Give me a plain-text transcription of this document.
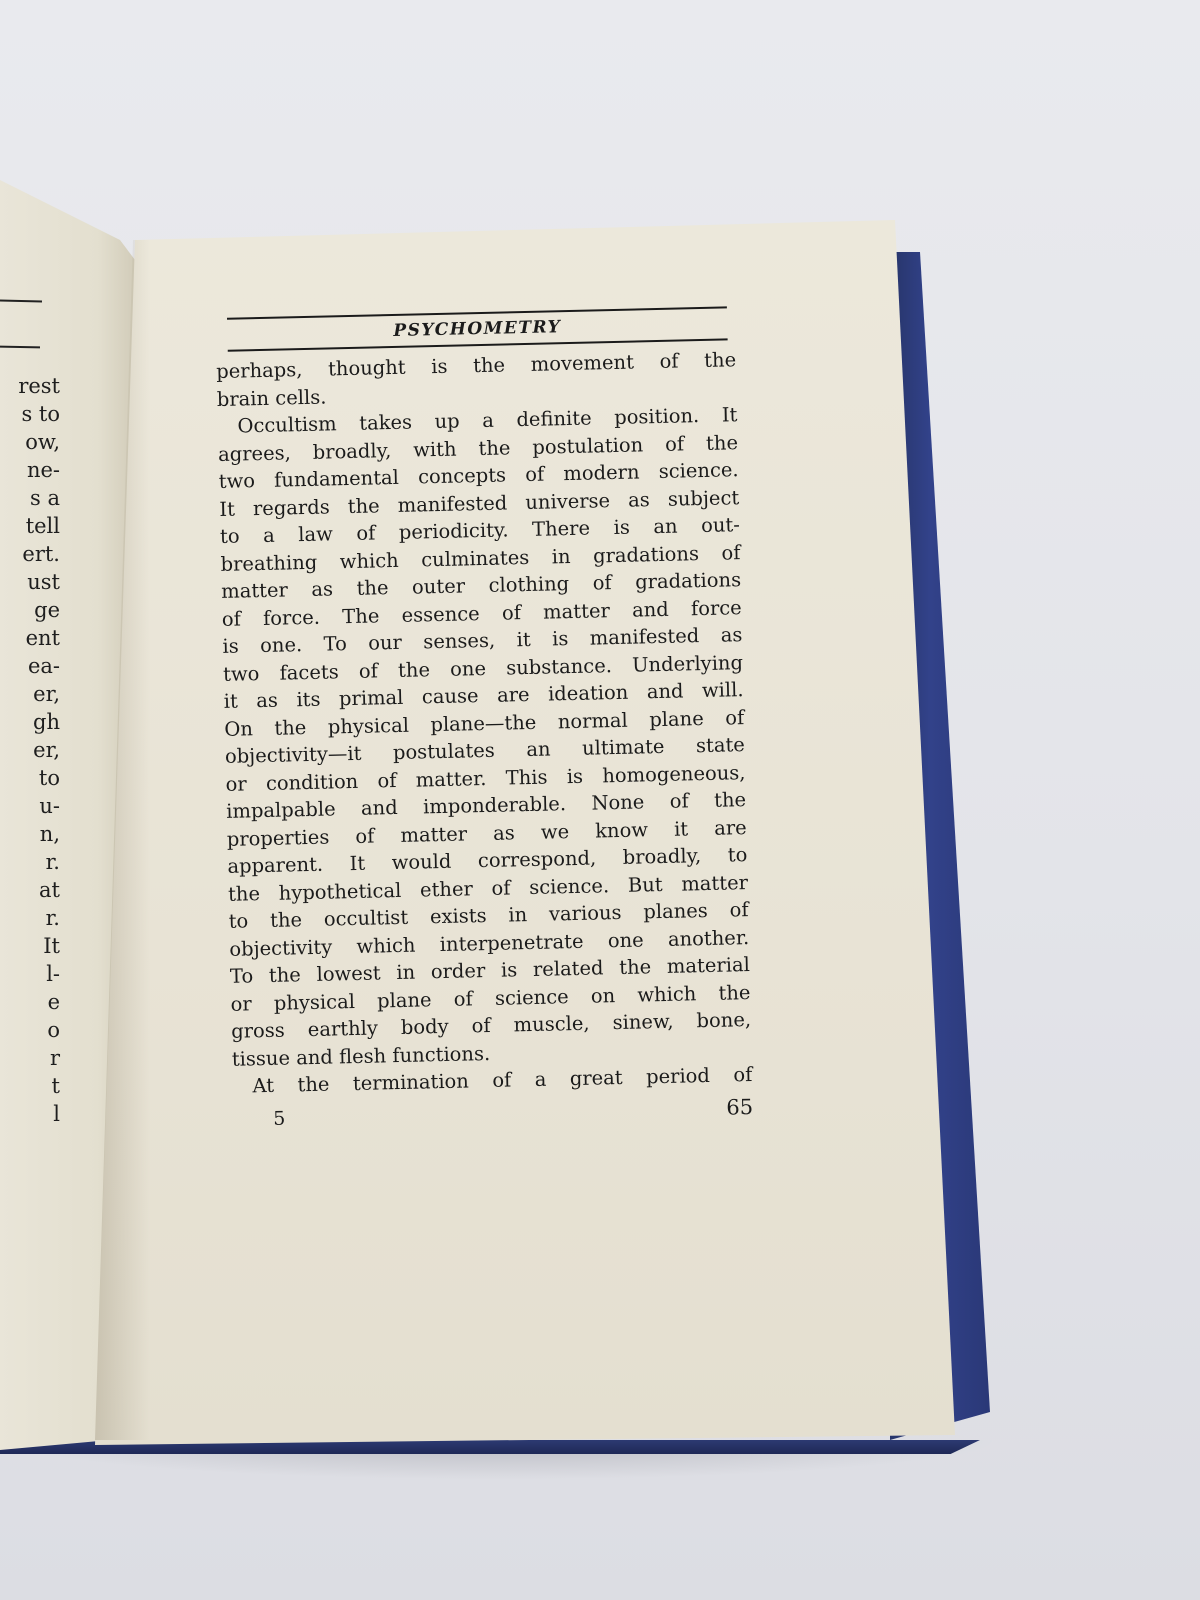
rest
s to
ow,
ne-
s a
tell
ert.
ust
ge
ent
ea-
er,
gh
er,
to
u-
n,
r.
at
r.
It
l-
e
o
r
t
l
PSYCHOMETRY
perhaps, thought is the movement of the
brain cells.
Occultism takes up a definite position. It
agrees, broadly, with the postulation of the
two fundamental concepts of modern science.
It regards the manifested universe as subject
to a law of periodicity. There is an out-
breathing which culminates in gradations of
matter as the outer clothing of gradations
of force. The essence of matter and force
is one. To our senses, it is manifested as
two facets of the one substance. Underlying
it as its primal cause are ideation and will.
On the physical plane—the normal plane of
objectivity—it postulates an ultimate state
or condition of matter. This is homogeneous,
impalpable and imponderable. None of the
properties of matter as we know it are
apparent. It would correspond, broadly, to
the hypothetical ether of science. But matter
to the occultist exists in various planes of
objectivity which interpenetrate one another.
To the lowest in order is related the material
or physical plane of science on which the
gross earthly body of muscle, sinew, bone,
tissue and flesh functions.
At the termination of a great period of
5	65
